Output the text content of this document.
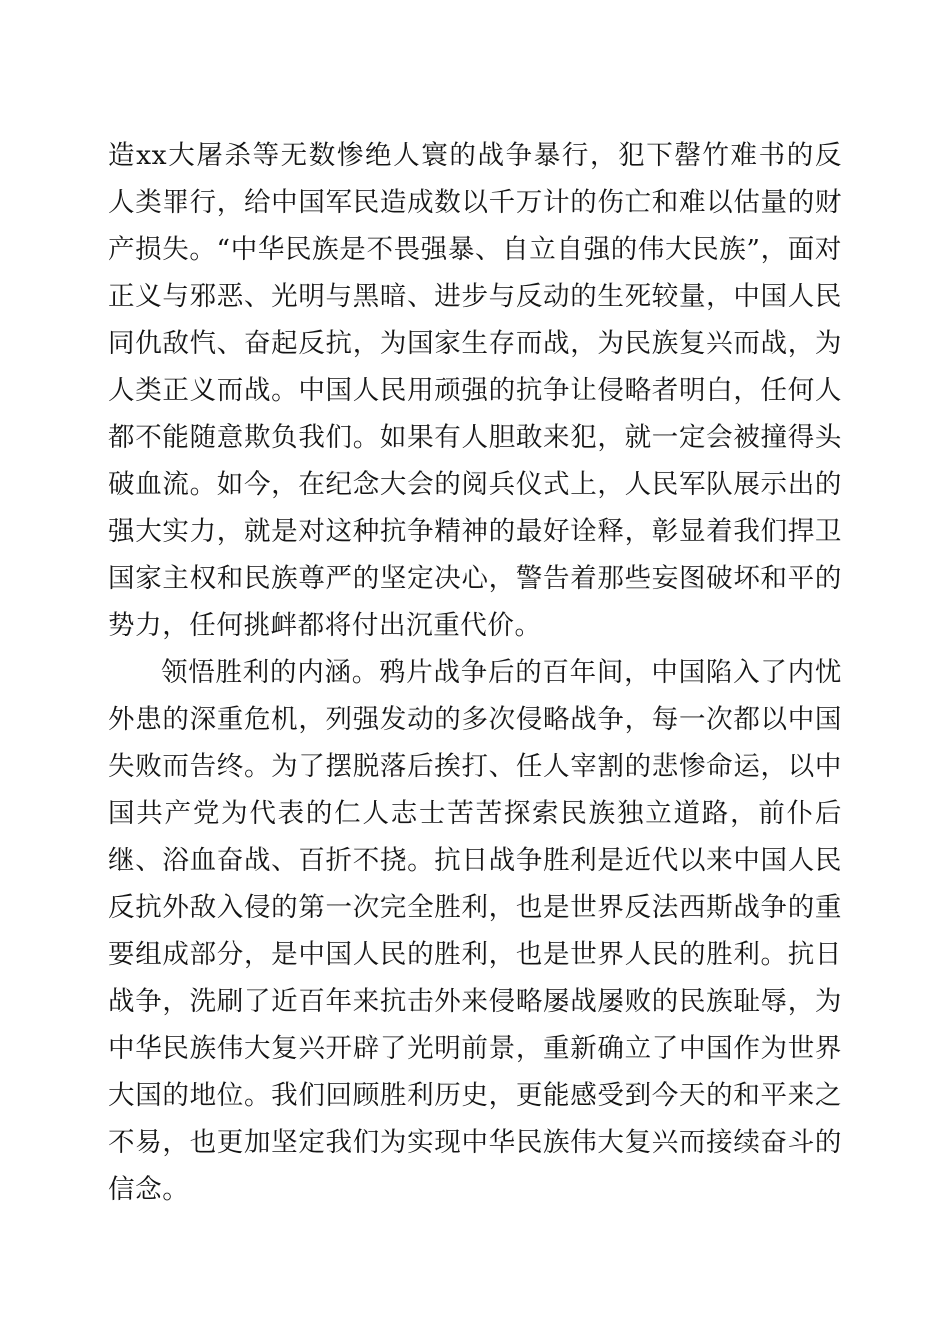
造xx大屠杀等无数惨绝人寰的战争暴行，犯下罄竹难书的反人类罪行，给中国军民造成数以千万计的伤亡和难以估量的财产损失。“中华民族是不畏强暴、自立自强的伟大民族”，面对正义与邪恶、光明与黑暗、进步与反动的生死较量，中国人民同仇敌忾、奋起反抗，为国家生存而战，为民族复兴而战，为人类正义而战。中国人民用顽强的抗争让侵略者明白，任何人都不能随意欺负我们。如果有人胆敢来犯，就一定会被撞得头破血流。如今，在纪念大会的阅兵仪式上，人民军队展示出的强大实力，就是对这种抗争精神的最好诠释，彰显着我们捍卫国家主权和民族尊严的坚定决心，警告着那些妄图破坏和平的势力，任何挑衅都将付出沉重代价。

领悟胜利的内涵。鸦片战争后的百年间，中国陷入了内忧外患的深重危机，列强发动的多次侵略战争，每一次都以中国失败而告终。为了摆脱落后挨打、任人宰割的悲惨命运，以中国共产党为代表的仁人志士苦苦探索民族独立道路，前仆后继、浴血奋战、百折不挠。抗日战争胜利是近代以来中国人民反抗外敌入侵的第一次完全胜利，也是世界反法西斯战争的重要组成部分，是中国人民的胜利，也是世界人民的胜利。抗日战争，洗刷了近百年来抗击外来侵略屡战屡败的民族耻辱，为中华民族伟大复兴开辟了光明前景，重新确立了中国作为世界大国的地位。我们回顾胜利历史，更能感受到今天的和平来之不易，也更加坚定我们为实现中华民族伟大复兴而接续奋斗的信念。
